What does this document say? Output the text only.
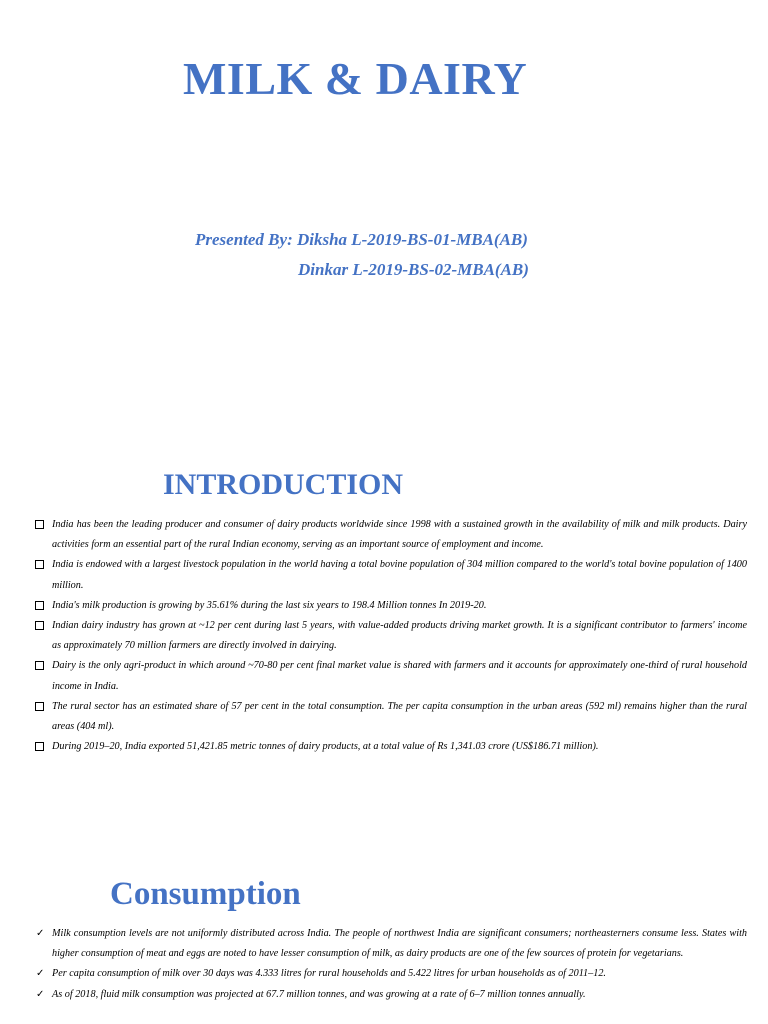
MILK & DAIRY
Presented By: Diksha L-2019-BS-01-MBA(AB)
Dinkar L-2019-BS-02-MBA(AB)
INTRODUCTION
India has been the leading producer and consumer of dairy products worldwide since 1998 with a sustained growth in the availability of milk and milk products. Dairy activities form an essential part of the rural Indian economy, serving as an important source of employment and income.
India is endowed with a largest livestock population in the world having a total bovine population of 304 million compared to the world's total bovine population of 1400 million.
India's milk production is growing by 35.61% during the last six years to 198.4 Million tonnes In 2019-20.
Indian dairy industry has grown at ~12 per cent during last 5 years, with value-added products driving market growth. It is a significant contributor to farmers' income as approximately 70 million farmers are directly involved in dairying.
Dairy is the only agri-product in which around ~70-80 per cent final market value is shared with farmers and it accounts for approximately one-third of rural household income in India.
The rural sector has an estimated share of 57 per cent in the total consumption. The per capita consumption in the urban areas (592 ml) remains higher than the rural areas (404 ml).
During 2019–20, India exported 51,421.85 metric tonnes of dairy products, at a total value of Rs 1,341.03 crore (US$186.71 million).
Consumption
✓ Milk consumption levels are not uniformly distributed across India. The people of northwest India are significant consumers; northeasterners consume less. States with higher consumption of meat and eggs are noted to have lesser consumption of milk, as dairy products are one of the few sources of protein for vegetarians.
✓ Per capita consumption of milk over 30 days was 4.333 litres for rural households and 5.422 litres for urban households as of 2011–12.
✓ As of 2018, fluid milk consumption was projected at 67.7 million tonnes, and was growing at a rate of 6–7 million tonnes annually.
